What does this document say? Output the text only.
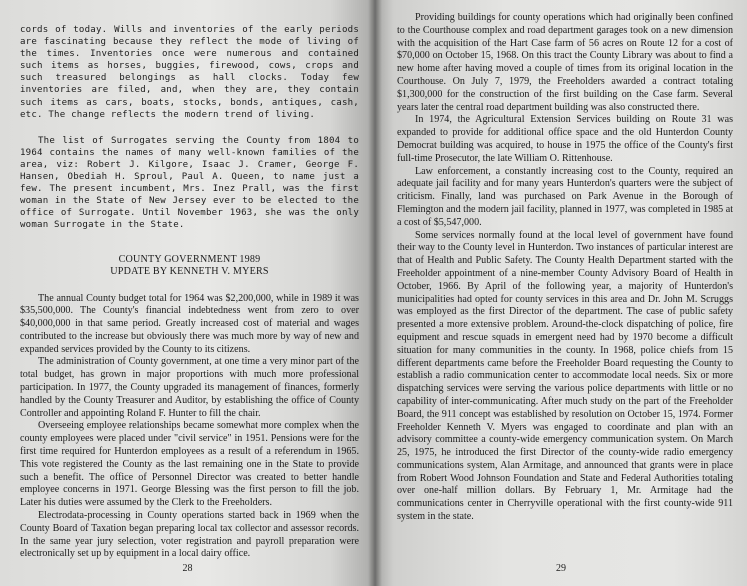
cords of today. Wills and inventories of the early periods are fascinating because they reflect the mode of living of the times. Inventories once were numerous and contained such items as horses, buggies, firewood, cows, crops and such treasured belongings as hall clocks. Today few inventories are filed, and, when they are, they contain such items as cars, boats, stocks, bonds, antiques, cash, etc. The change reflects the modern trend of living.

The list of Surrogates serving the County from 1804 to 1964 contains the names of many well-known families of the area, viz: Robert J. Kilgore, Isaac J. Cramer, George F. Hansen, Obediah H. Sproul, Paul A. Queen, to name just a few. The present incumbent, Mrs. Inez Prall, was the first woman in the State of New Jersey ever to be elected to the office of Surrogate. Until November 1963, she was the only woman Surrogate in the State.

COUNTY GOVERNMENT 1989
UPDATE BY KENNETH V. MYERS

The annual County budget total for 1964 was $2,200,000, while in 1989 it was $35,500,000. The County's financial indebtedness went from zero to over $40,000,000 in that same period. Greatly increased cost of material and wages contributed to the increase but obviously there was much more by way of new and expanded services provided by the County to its citizens.

The administration of County government, at one time a very minor part of the total budget, has grown in major proportions with much more professional participation. In 1977, the County upgraded its management of finances, formerly handled by the County Treasurer and Auditor, by establishing the office of County Controller and appointing Roland F. Hunter to fill the chair.

Overseeing employee relationships became somewhat more complex when the county employees were placed under "civil service" in 1951. Pensions were for the first time required for Hunterdon employees as a result of a referendum in 1965. This vote registered the County as the last remaining one in the State to provide such a benefit. The office of Personnel Director was created to better handle employee concerns in 1971. George Blessing was the first person to fill the job. Later his duties were assumed by the Clerk to the Freeholders.

Electrodata-processing in County operations started back in 1969 when the County Board of Taxation began preparing local tax collector and assessor records. In the same year jury selection, voter registration and payroll preparation were electronically set up by equipment in a local dairy office.

28

Providing buildings for county operations which had originally been confined to the Courthouse complex and road department garages took on a new dimension with the acquisition of the Hart Case farm of 56 acres on Route 12 for a cost of $70,000 on October 15, 1968. On this tract the County Library was about to find a new home after having moved a couple of times from its original location in the Courthouse. On July 7, 1979, the Freeholders awarded a contract totaling $1,300,000 for the construction of the first building on the Case farm. Several years later the central road department building was also constructed there.

In 1974, the Agricultural Extension Services building on Route 31 was expanded to provide for additional office space and the old Hunterdon County Democrat building was acquired, to house in 1975 the office of the County's first full-time Prosecutor, the late William O. Rittenhouse.

Law enforcement, a constantly increasing cost to the County, required an adequate jail facility and for many years Hunterdon's quarters were the subject of criticism. Finally, land was purchased on Park Avenue in the Borough of Flemington and the modern jail facility, planned in 1977, was completed in 1985 at a cost of $5,547,000.

Some services normally found at the local level of government have found their way to the County level in Hunterdon. Two instances of particular interest are that of Health and Public Safety. The County Health Department started with the Freeholder appointment of a nine-member County Advisory Board of Health in October, 1966. By April of the following year, a majority of Hunterdon's municipalities had opted for county services in this area and Dr. John M. Scruggs was employed as the first Director of the department. The case of public safety presented a more extensive problem. Around-the-clock dispatching of police, fire equipment and rescue squads in emergent need had by 1970 become a difficult situation for many communities in the county. In 1968, police chiefs from 15 different departments came before the Freeholder Board requesting the County to establish a radio communication center to accommodate local needs. Six or more dispatching services were serving the various police departments with little or no capability of inter-communicating. After much study on the part of the Freeholder Board, the 911 concept was established by resolution on October 15, 1974. Former Freeholder Kenneth V. Myers was engaged to coordinate and plan with an advisory committee a county-wide emergency communication system. On March 25, 1975, he introduced the first Director of the county-wide radio emergency communications system, Alan Armitage, and announced that grants were in place from Robert Wood Johnson Foundation and State and Federal Authorities totaling over one-half million dollars. By February 1, Mr. Armitage had the communications center in Cherryville operational with the first county-wide 911 system in the state.

29
